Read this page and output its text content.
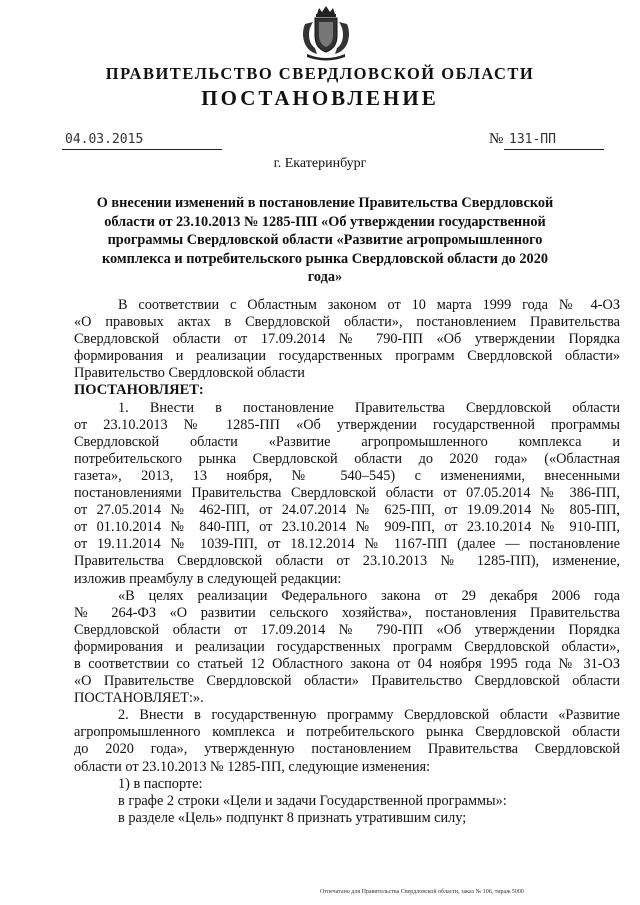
ПРАВИТЕЛЬСТВО СВЕРДЛОВСКОЙ ОБЛАСТИ
ПОСТАНОВЛЕНИЕ
04.03.2015	№ 131-ПП
г. Екатеринбург
О внесении изменений в постановление Правительства Свердловской
области от 23.10.2013 № 1285-ПП «Об утверждении государственной
программы Свердловской области «Развитие агропромышленного
комплекса и потребительского рынка Свердловской области до 2020 года»

В соответствии с Областным законом от 10 марта 1999 года № 4-ОЗ

«О правовых актах в Свердловской области», постановлением Правительства

Свердловской области от 17.09.2014 № 790-ПП «Об утверждении Порядка

формирования и реализации государственных программ Свердловской области»

Правительство Свердловской области

ПОСТАНОВЛЯЕТ:

1. Внести в постановление Правительства Свердловской области

от 23.10.2013 № 1285-ПП «Об утверждении государственной программы

Свердловской области «Развитие агропромышленного комплекса и

потребительского рынка Свердловской области до 2020 года» («Областная

газета», 2013, 13 ноября, № 540–545) с изменениями, внесенными

постановлениями Правительства Свердловской области от 07.05.2014 № 386-ПП,

от 27.05.2014 № 462-ПП, от 24.07.2014 № 625-ПП, от 19.09.2014 № 805-ПП,

от 01.10.2014 № 840-ПП, от 23.10.2014 № 909-ПП, от 23.10.2014 № 910-ПП,

от 19.11.2014 № 1039-ПП, от 18.12.2014 № 1167-ПП (далее — постановление

Правительства Свердловской области от 23.10.2013 № 1285-ПП), изменение,

изложив преамбулу в следующей редакции:

«В целях реализации Федерального закона от 29 декабря 2006 года

№ 264-ФЗ «О развитии сельского хозяйства», постановления Правительства

Свердловской области от 17.09.2014 № 790-ПП «Об утверждении Порядка

формирования и реализации государственных программ Свердловской области»,

в соответствии со статьей 12 Областного закона от 04 ноября 1995 года № 31-ОЗ

«О Правительстве Свердловской области» Правительство Свердловской области

ПОСТАНОВЛЯЕТ:».

2. Внести в государственную программу Свердловской области «Развитие

агропромышленного комплекса и потребительского рынка Свердловской области

до 2020 года», утвержденную постановлением Правительства Свердловской

области от 23.10.2013 № 1285-ПП, следующие изменения:

1) в паспорте:

в графе 2 строки «Цели и задачи Государственной программы»:

в разделе «Цель» подпункт 8 признать утратившим силу;

Отпечатано для Правительства Свердловской области, заказ № 106, тираж 5000
